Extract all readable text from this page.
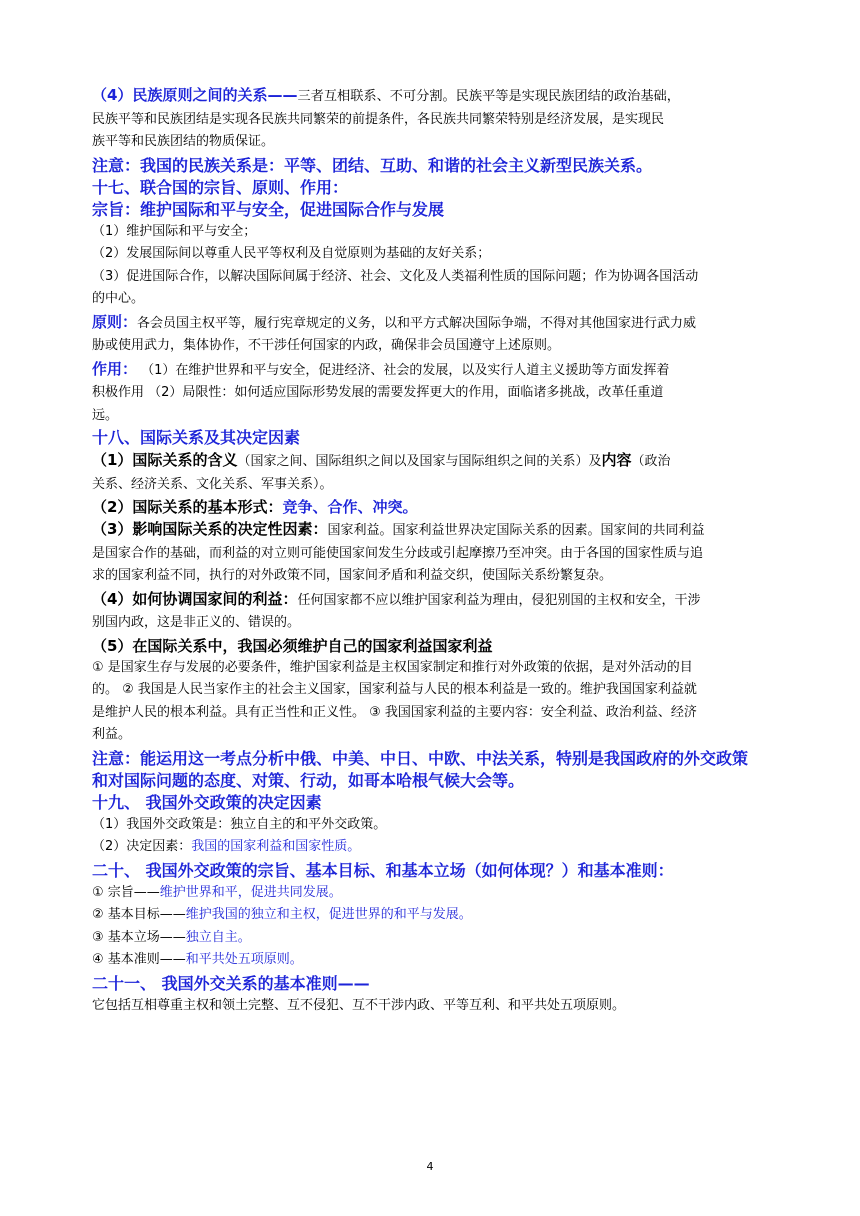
（4）民族原则之间的关系——三者互相联系、不可分割。民族平等是实现民族团结的政治基础，

民族平等和民族团结是实现各民族共同繁荣的前提条件，各民族共同繁荣特别是经济发展，是实现民

族平等和民族团结的物质保证。

注意：我国的民族关系是：平等、团结、互助、和谐的社会主义新型民族关系。

十七、联合国的宗旨、原则、作用：

宗旨：维护国际和平与安全，促进国际合作与发展

（1）维护国际和平与安全；

（2）发展国际间以尊重人民平等权利及自觉原则为基础的友好关系；

（3）促进国际合作，以解决国际间属于经济、社会、文化及人类福利性质的国际问题；作为协调各国活动

的中心。

原则：各会员国主权平等，履行宪章规定的义务，以和平方式解决国际争端，不得对其他国家进行武力威

胁或使用武力，集体协作，不干涉任何国家的内政，确保非会员国遵守上述原则。

作用： （1）在维护世界和平与安全，促进经济、社会的发展，以及实行人道主义援助等方面发挥着

积极作用 （2）局限性：如何适应国际形势发展的需要发挥更大的作用，面临诸多挑战，改革任重道

远。

十八、国际关系及其决定因素

（1）国际关系的含义（国家之间、国际组织之间以及国家与国际组织之间的关系）及内容（政治

关系、经济关系、文化关系、军事关系）。

（2）国际关系的基本形式：竞争、合作、冲突。

（3）影响国际关系的决定性因素：国家利益。国家利益世界决定国际关系的因素。国家间的共同利益

是国家合作的基础，而利益的对立则可能使国家间发生分歧或引起摩擦乃至冲突。由于各国的国家性质与追

求的国家利益不同，执行的对外政策不同，国家间矛盾和利益交织，使国际关系纷繁复杂。

（4）如何协调国家间的利益：任何国家都不应以维护国家利益为理由，侵犯别国的主权和安全，干涉

别国内政，这是非正义的、错误的。

（5）在国际关系中，我国必须维护自己的国家利益国家利益

① 是国家生存与发展的必要条件，维护国家利益是主权国家制定和推行对外政策的依据，是对外活动的目

的。 ② 我国是人民当家作主的社会主义国家，国家利益与人民的根本利益是一致的。维护我国国家利益就

是维护人民的根本利益。具有正当性和正义性。 ③ 我国国家利益的主要内容：安全利益、政治利益、经济

利益。

注意：能运用这一考点分析中俄、中美、中日、中欧、中法关系，特别是我国政府的外交政策

和对国际问题的态度、对策、行动，如哥本哈根气候大会等。

十九、 我国外交政策的决定因素

（1）我国外交政策是：独立自主的和平外交政策。

（2）决定因素：我国的国家利益和国家性质。

二十、 我国外交政策的宗旨、基本目标、和基本立场（如何体现？）和基本准则：

① 宗旨——维护世界和平，促进共同发展。

② 基本目标——维护我国的独立和主权，促进世界的和平与发展。

③ 基本立场——独立自主。

④ 基本准则——和平共处五项原则。

二十一、 我国外交关系的基本准则——

它包括互相尊重主权和领土完整、互不侵犯、互不干涉内政、平等互利、和平共处五项原则。

4
